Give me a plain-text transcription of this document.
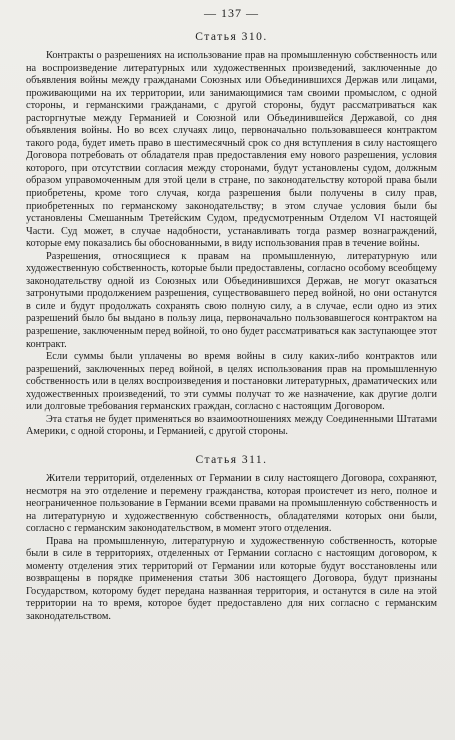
— 137 —
Статья 310.

Контракты о разрешениях на использование прав на промышленную собственность или на воспроизведение литературных или художественных произведений, заключенные до объявления войны между гражданами Союзных или Объединившихся Держав или лицами, проживающими на их территории, или занимающимися там своими промыслом, с одной стороны, и германскими гражданами, с другой стороны, будут рассматриваться как расторгнутые между Германией и Союзной или Объединившейся Державой, со дня объявления войны. Но во всех случаях лицо, первоначально пользовавшееся контрактом такого рода, будет иметь право в шестимесячный срок со дня вступления в силу настоящего Договора потребовать от обладателя прав предоставления ему нового разрешения, условия которого, при отсутствии согласия между сторонами, будут установлены судом, должным образом управомоченным для этой цели в стране, по законодательству которой права были приобретены, кроме того случая, когда разрешения были получены в силу прав, приобретенных по германскому законодательству; в этом случае условия были бы установлены Смешанным Третейским Судом, предусмотренным Отделом VI настоящей Части. Суд может, в случае надобности, устанавливать тогда размер вознаграждений, которые ему показались бы обоснованными, в виду использования прав в течение войны.

Разрешения, относящиеся к правам на промышленную, литературную или художественную собственность, которые были предоставлены, согласно особому всеобщему законодательству одной из Союзных или Объединившихся Держав, не могут оказаться затронутыми продолжением разрешения, существовавшего перед войной, но они останутся в силе и будут продолжать сохранять свою полную силу, а в случае, если одно из этих разрешений было бы выдано в пользу лица, первоначально пользовавшегося контрактом на разрешение, заключенным перед войной, то оно будет рассматриваться как заступающее этот контракт.

Если суммы были уплачены во время войны в силу каких-либо контрактов или разрешений, заключенных перед войной, в целях использования прав на промышленную собственность или в целях воспроизведения и постановки литературных, драматических или художественных произведений, то эти суммы получат то же назначение, как другие долги или долговые требования германских граждан, согласно с настоящим Договором.

Эта статья не будет применяться во взаимоотношениях между Соединенными Штатами Америки, с одной стороны, и Германией, с другой стороны.

Статья 311.

Жители территорий, отделенных от Германии в силу настоящего Договора, сохраняют, несмотря на это отделение и перемену гражданства, которая проистечет из него, полное и неограниченное пользование в Германии всеми правами на промышленную собственность и на литературную и художественную собственность, обладателями которых они были, согласно с германским законодательством, в момент этого отделения.

Права на промышленную, литературную и художественную собственность, которые были в силе в территориях, отделенных от Германии согласно с настоящим договором, к моменту отделения этих территорий от Германии или которые будут восстановлены или возвращены в порядке применения статьи 306 настоящего Договора, будут признаны Государством, которому будет передана названная территория, и останутся в силе на этой территории на то время, которое будет предоставлено для них согласно с германским законодательством.
